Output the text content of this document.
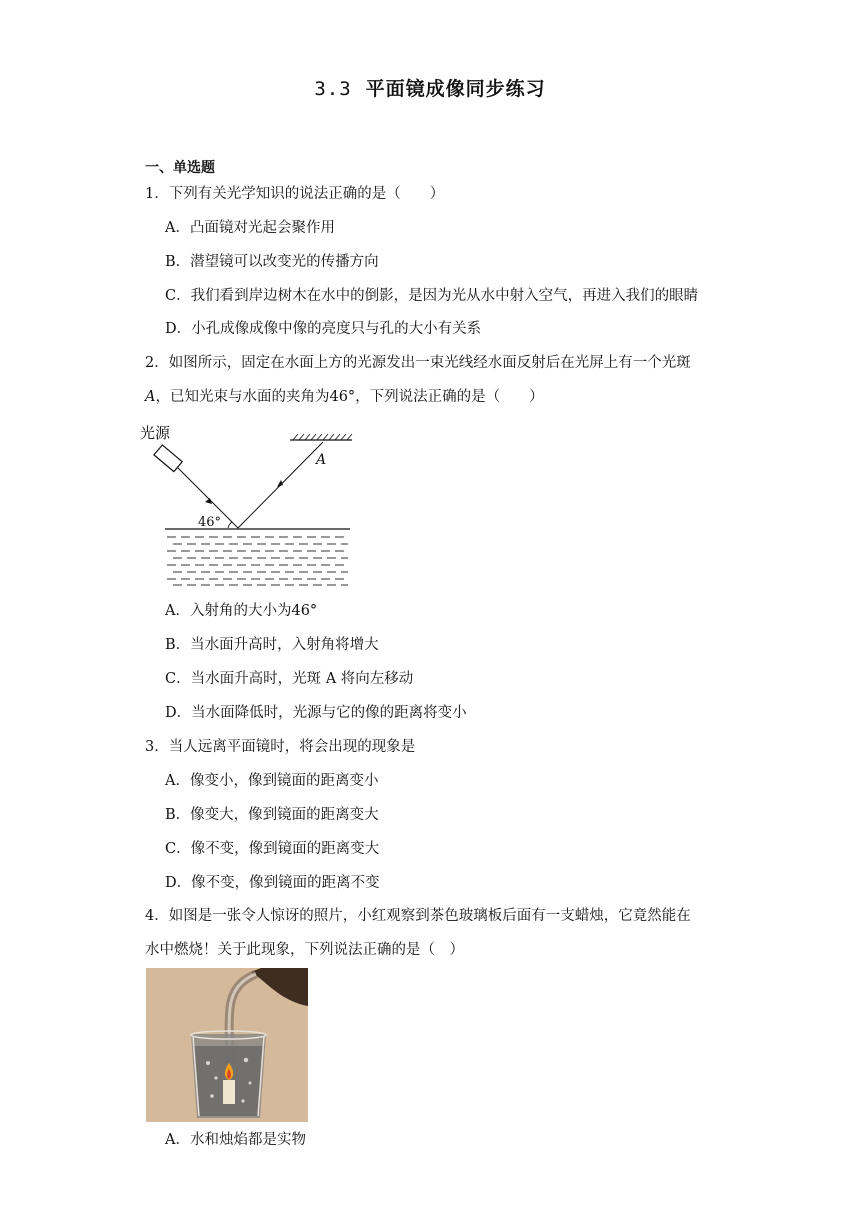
3.3 平面镜成像同步练习
一、单选题
1．下列有关光学知识的说法正确的是（　　）
A．凸面镜对光起会聚作用
B．潜望镜可以改变光的传播方向
C．我们看到岸边树木在水中的倒影，是因为光从水中射入空气，再进入我们的眼睛
D．小孔成像成像中像的亮度只与孔的大小有关系
2．如图所示，固定在水面上方的光源发出一束光线经水面反射后在光屏上有一个光斑
A，已知光束与水面的夹角为46°，下列说法正确的是（　　）
光源
A
46°
A．入射角的大小为46°
B．当水面升高时，入射角将增大
C．当水面升高时，光斑 A 将向左移动
D．当水面降低时，光源与它的像的距离将变小
3．当人远离平面镜时，将会出现的现象是
A．像变小，像到镜面的距离变小
B．像变大，像到镜面的距离变大
C．像不变，像到镜面的距离变大
D．像不变，像到镜面的距离不变
4．如图是一张令人惊讶的照片，小红观察到茶色玻璃板后面有一支蜡烛，它竟然能在
水中燃烧！关于此现象，下列说法正确的是（　）
A．水和烛焰都是实物
